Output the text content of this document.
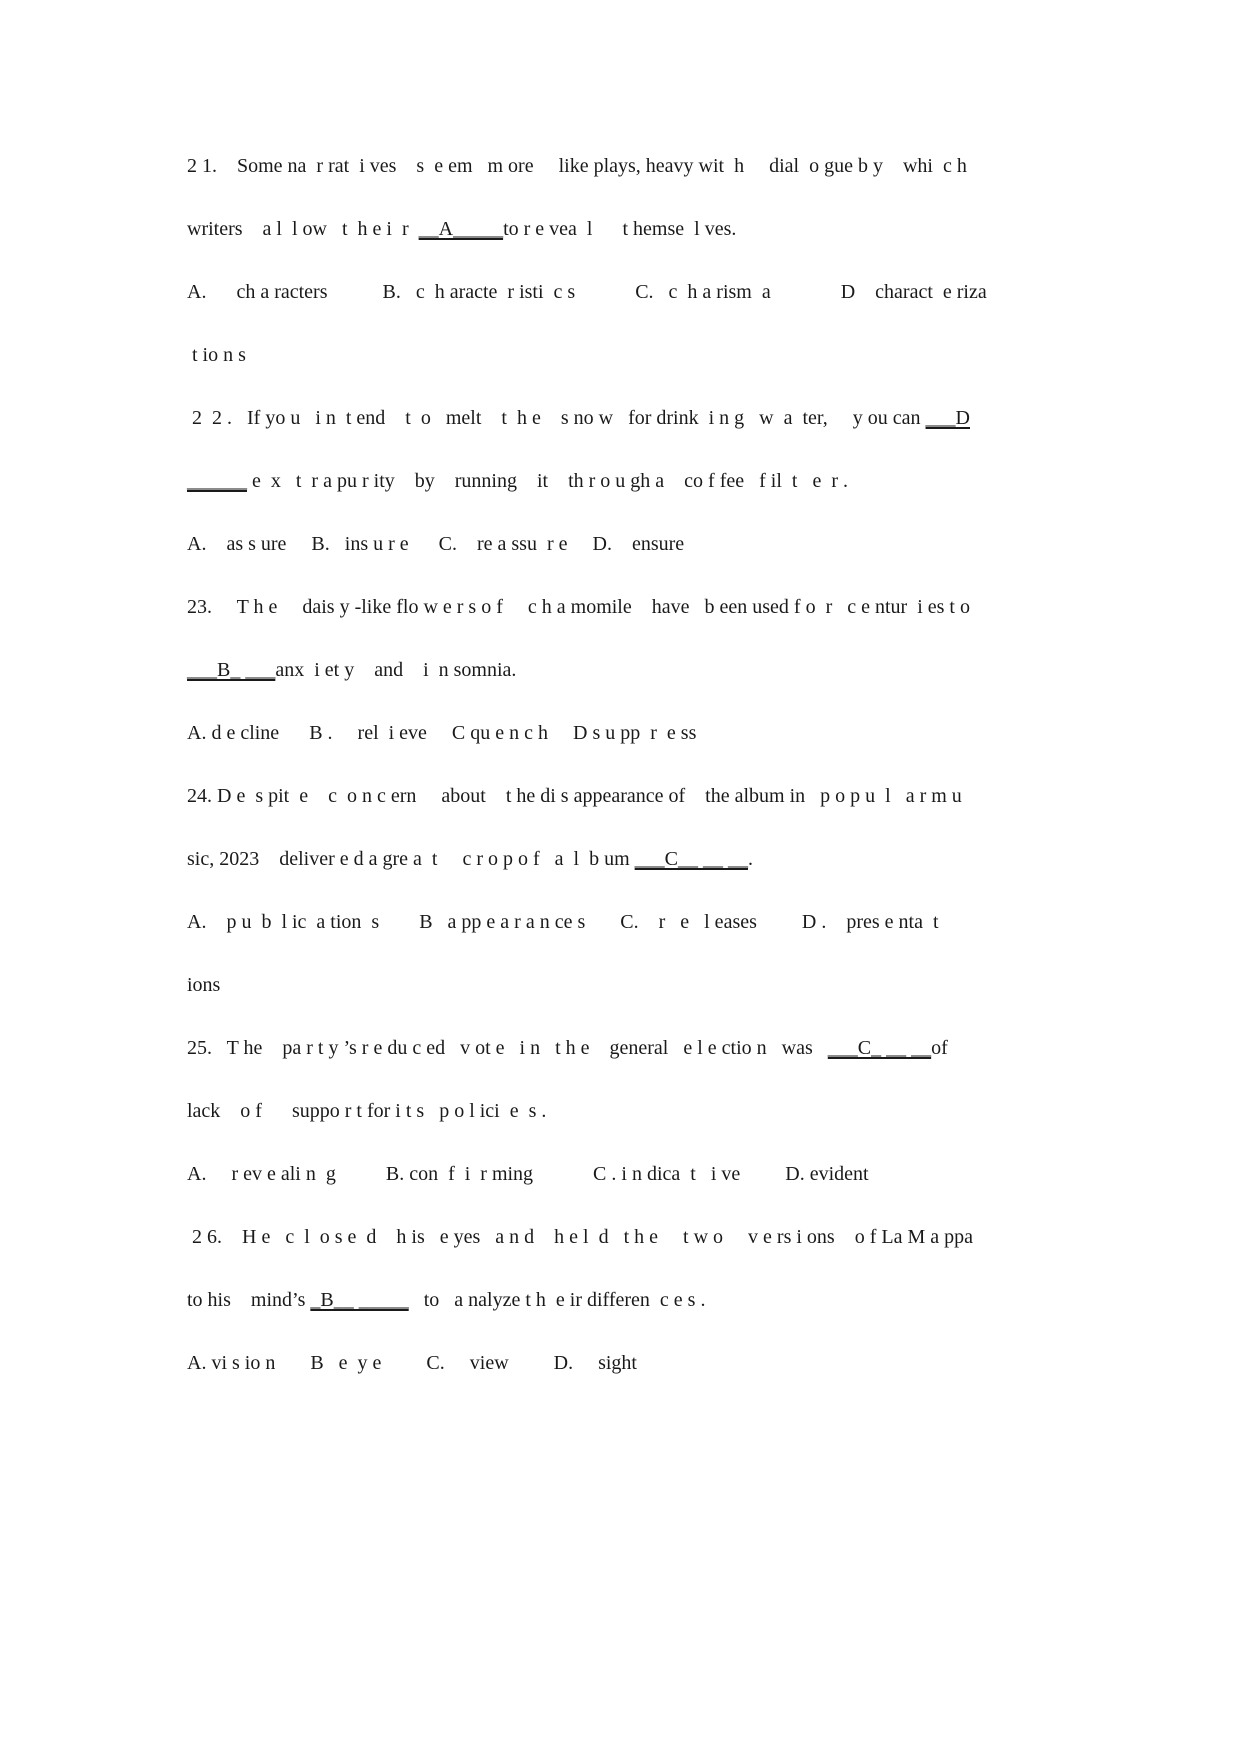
2 1.    Some na  r rat  i ves    s  e em   m ore     like plays, heavy wit  h     dial  o gue b y    whi  c h
writers    a l  l ow   t  h e i  r  __A_____to r e vea  l      t hemse  l ves.
A.      ch a racters           B.   c  h aracte  r isti  c s            C.   c  h a rism  a              D    charact  e riza
t io n s
2  2 .   If yo u   i n  t end    t  o   melt    t  h e    s no w   for drink  i n g   w  a  ter,     y ou can ___D
______ e  x   t  r a pu r ity    by    running    it    th r o u gh a    co f fee   f il  t   e  r .
A.    as s ure     B.   ins u r e      C.    re a ssu  r e     D.    ensure
23.     T h e     dais y -like flo w e r s o f     c h a momile    have   b een used f o  r   c e ntur  i es t o
___B_ ___anx  i et y    and    i  n somnia.
A. d e cline      B .     rel  i eve     C qu e n c h     D s u pp  r  e ss
24. D e  s pit  e    c  o n c ern     about    t he di s appearance of    the album in   p o p u  l   a r m u
sic, 2023    deliver e d a gre a  t     c r o p o f   a  l  b um ___C__ __ __.
A.    p u  b  l ic  a tion  s        B   a pp e a r a n ce s       C.    r   e   l eases         D .    pres e nta  t
ions
25.   T he    pa r t y ’s r e du c ed   v ot e   i n   t h e    general   e l e ctio n   was   ___C_ __ __of
lack    o f      suppo r t for i t s   p o l ici  e  s .
A.     r ev e ali n  g          B. con  f  i  r ming            C . i n dica  t   i ve         D. evident
2 6.    H e   c  l  o s e  d    h is   e yes   a n d    h e l  d   t h e     t w o     v e rs i ons    o f La M a ppa
to his    mind’s _B__ _____   to   a nalyze t h  e ir differen  c e s .
A. vi s io n       B   e  y e         C.     view         D.     sight
